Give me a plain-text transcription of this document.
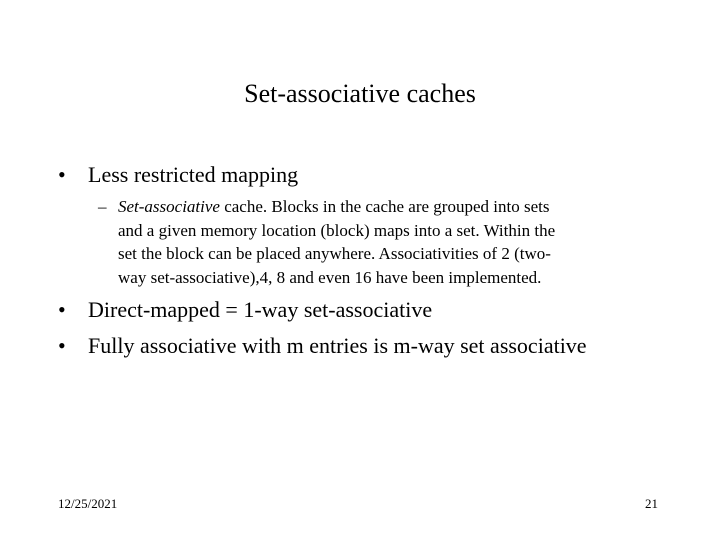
Set-associative caches
• Less restricted mapping
– Set-associative cache. Blocks in the cache are grouped into sets
and a given memory location (block) maps into a set. Within the
set the block can be placed anywhere. Associativities of 2 (two-
way set-associative),4, 8 and even 16 have been implemented.
• Direct-mapped = 1-way set-associative
• Fully associative with m entries is m-way set associative
12/25/2021	21
